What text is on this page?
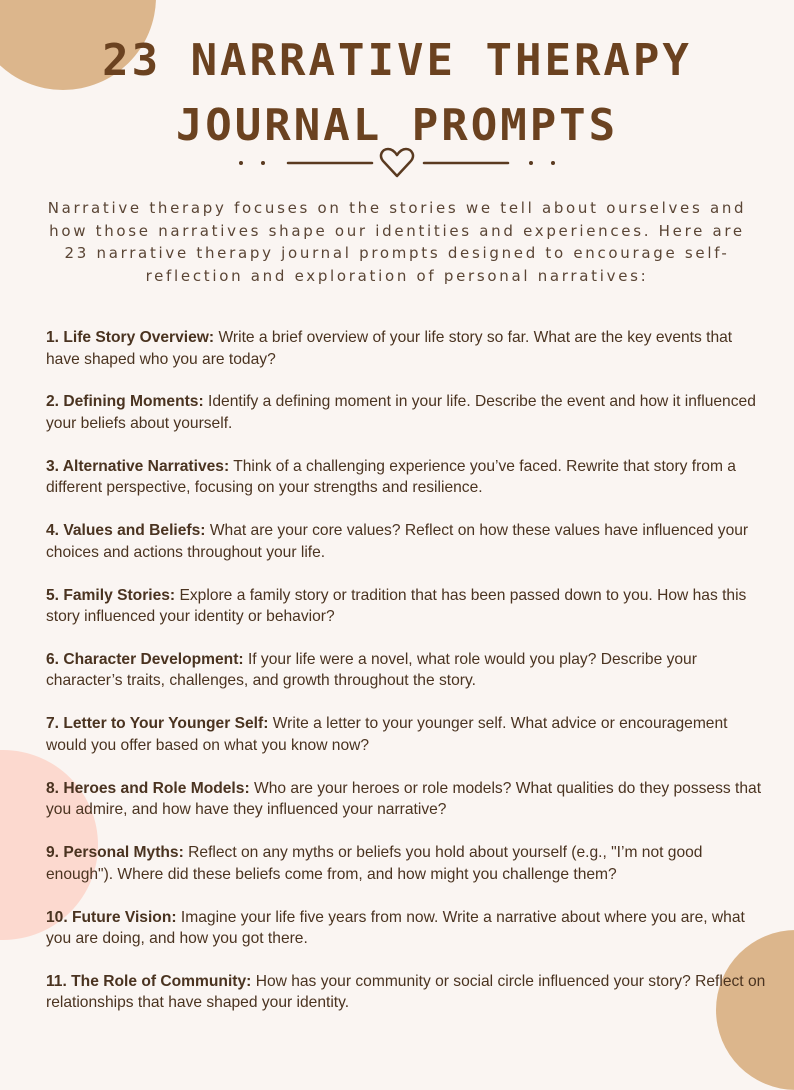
23 NARRATIVE THERAPY
JOURNAL PROMPTS

Narrative therapy focuses on the stories we tell about ourselves and how those narratives shape our identities and experiences. Here are 23 narrative therapy journal prompts designed to encourage self-reflection and exploration of personal narratives:

1. Life Story Overview: Write a brief overview of your life story so far. What are the key events that have shaped who you are today?
2. Defining Moments: Identify a defining moment in your life. Describe the event and how it influenced your beliefs about yourself.
3. Alternative Narratives: Think of a challenging experience you’ve faced. Rewrite that story from a different perspective, focusing on your strengths and resilience.
4. Values and Beliefs: What are your core values? Reflect on how these values have influenced your choices and actions throughout your life.
5. Family Stories: Explore a family story or tradition that has been passed down to you. How has this story influenced your identity or behavior?
6. Character Development: If your life were a novel, what role would you play? Describe your character’s traits, challenges, and growth throughout the story.
7. Letter to Your Younger Self: Write a letter to your younger self. What advice or encouragement would you offer based on what you know now?
8. Heroes and Role Models: Who are your heroes or role models? What qualities do they possess that you admire, and how have they influenced your narrative?
9. Personal Myths: Reflect on any myths or beliefs you hold about yourself (e.g., "I’m not good enough"). Where did these beliefs come from, and how might you challenge them?
10. Future Vision: Imagine your life five years from now. Write a narrative about where you are, what you are doing, and how you got there.
11. The Role of Community: How has your community or social circle influenced your story? Reflect on relationships that have shaped your identity.
